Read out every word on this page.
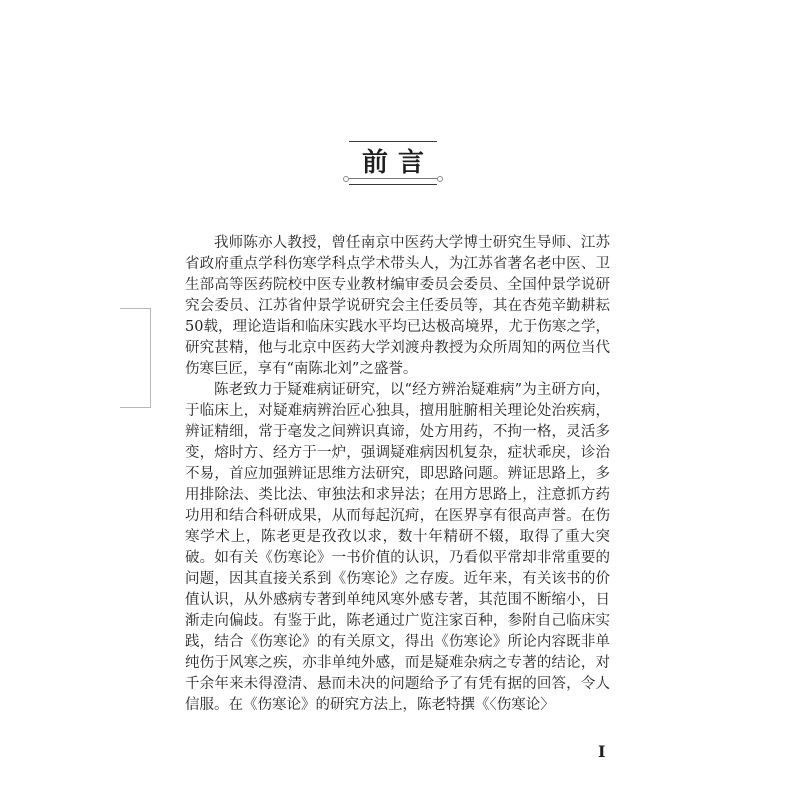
前言

我师陈亦人教授，曾任南京中医药大学博士研究生导师、江苏省政府重点学科伤寒学科点学术带头人，为江苏省著名老中医、卫生部高等医药院校中医专业教材编审委员会委员、全国仲景学说研究会委员、江苏省仲景学说研究会主任委员等，其在杏苑辛勤耕耘50载，理论造诣和临床实践水平均已达极高境界，尤于伤寒之学，研究甚精，他与北京中医药大学刘渡舟教授为众所周知的两位当代伤寒巨匠，享有“南陈北刘”之盛誉。

陈老致力于疑难病证研究，以“经方辨治疑难病”为主研方向，于临床上，对疑难病辨治匠心独具，擅用脏腑相关理论处治疾病，辨证精细，常于毫发之间辨识真谛，处方用药，不拘一格，灵活多变，熔时方、经方于一炉，强调疑难病因机复杂，症状乖戾，诊治不易，首应加强辨证思维方法研究，即思路问题。辨证思路上，多用排除法、类比法、审独法和求异法；在用方思路上，注意抓方药功用和结合科研成果，从而每起沉疴，在医界享有很高声誉。在伤寒学术上，陈老更是孜孜以求，数十年精研不辍，取得了重大突破。如有关《伤寒论》一书价值的认识，乃看似平常却非常重要的问题，因其直接关系到《伤寒论》之存废。近年来，有关该书的价值认识，从外感病专著到单纯风寒外感专著，其范围不断缩小，日渐走向偏歧。有鉴于此，陈老通过广览注家百种，参附自己临床实践，结合《伤寒论》的有关原文，得出《伤寒论》所论内容既非单纯伤于风寒之疾，亦非单纯外感，而是疑难杂病之专著的结论，对千余年来未得澄清、悬而未决的问题给予了有凭有据的回答，令人信服。在《伤寒论》的研究方法上，陈老特撰《〈伤寒论〉

I
